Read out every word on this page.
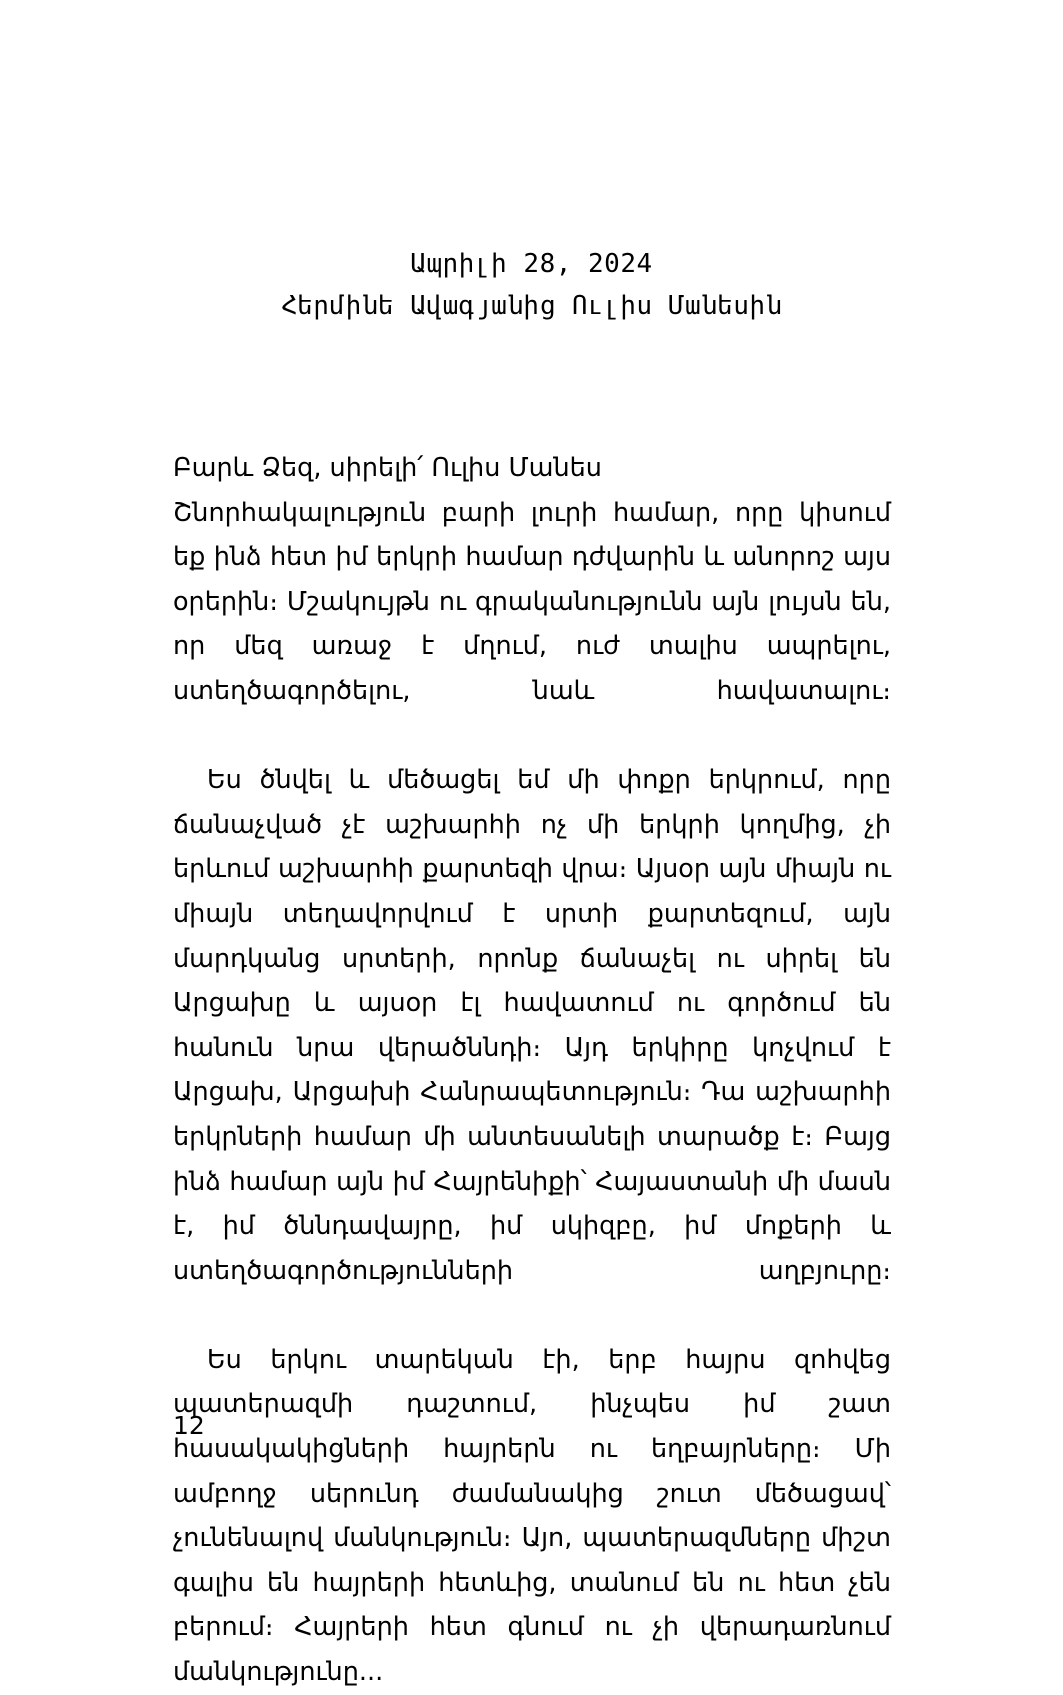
Ապրիլի 28, 2024
Հերմինե Ավագյանից Ուլիս Մանեսին

Բարև Ձեզ, սիրելի՛ Ուլիս Մանես

Շնորհակալություն բարի լուրի համար, որը կիսում եք ինձ հետ իմ երկրի համար դժվարին և անորոշ այս օրերին։ Մշակույթն ու գրականությունն այն լույսն են, որ մեզ առաջ է մղում, ուժ տալիս ապրելու, ստեղծագործելու, նաև հավատալու։

Ես ծնվել և մեծացել եմ մի փոքր երկրում, որը ճանաչված չէ աշխարհի ոչ մի երկրի կողմից, չի երևում աշխարհի քարտեզի վրա։ Այսօր այն միայն ու միայն տեղավորվում է սրտի քարտեզում, այն մարդկանց սրտերի, որոնք ճանաչել ու սիրել են Արցախը և այսօր էլ հավատում ու գործում են հանուն նրա վերածննդի։ Այդ երկիրը կոչվում է Արցախ, Արցախի Հանրապետություն։ Դա աշխարհի երկրների համար մի անտեսանելի տարածք է։ Բայց ինձ համար այն իմ Հայրենիքի՝ Հայաստանի մի մասն է, իմ ծննդավայրը, իմ սկիզբը, իմ մոքերի և ստեղծագործությունների աղբյուրը։

Ես երկու տարեկան էի, երբ հայրս զոհվեց պատերազմի դաշտում, ինչպես իմ շատ հասակակիցների հայրերն ու եղբայրները։ Մի ամբողջ սերունդ ժամանակից շուտ մեծացավ՝ չունենալով մանկություն։ Այո, պատերազմները միշտ գալիս են հայրերի հետևից, տանում են ու հետ չեն բերում։ Հայրերի հետ գնում ու չի վերադառնում մանկությունը...

12
